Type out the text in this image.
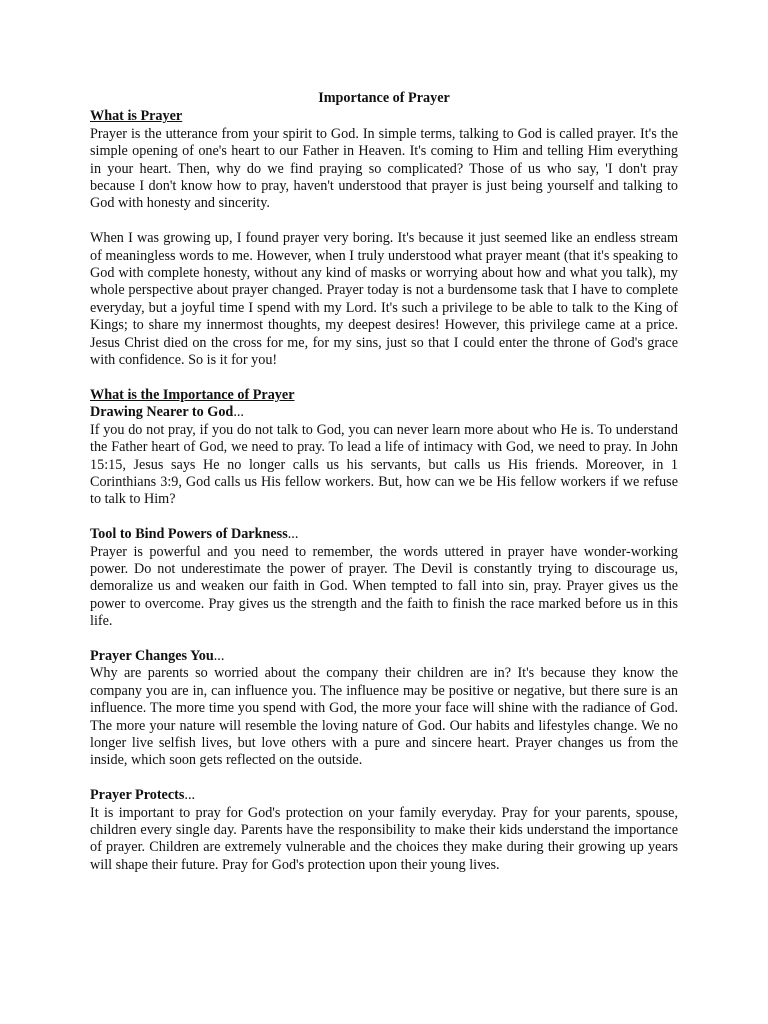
Importance of Prayer
What is Prayer

Prayer is the utterance from your spirit to God. In simple terms, talking to God is called prayer. It's the simple opening of one's heart to our Father in Heaven. It's coming to Him and telling Him everything in your heart. Then, why do we find praying so complicated? Those of us who say, 'I don't pray because I don't know how to pray, haven't understood that prayer is just being yourself and talking to God with honesty and sincerity.

When I was growing up, I found prayer very boring. It's because it just seemed like an endless stream of meaningless words to me. However, when I truly understood what prayer meant (that it's speaking to God with complete honesty, without any kind of masks or worrying about how and what you talk), my whole perspective about prayer changed. Prayer today is not a burdensome task that I have to complete everyday, but a joyful time I spend with my Lord. It's such a privilege to be able to talk to the King of Kings; to share my innermost thoughts, my deepest desires! However, this privilege came at a price. Jesus Christ died on the cross for me, for my sins, just so that I could enter the throne of God's grace with confidence. So is it for you!

What is the Importance of Prayer
Drawing Nearer to God...

If you do not pray, if you do not talk to God, you can never learn more about who He is. To understand the Father heart of God, we need to pray. To lead a life of intimacy with God, we need to pray. In John 15:15, Jesus says He no longer calls us his servants, but calls us His friends. Moreover, in 1 Corinthians 3:9, God calls us His fellow workers. But, how can we be His fellow workers if we refuse to talk to Him?

Tool to Bind Powers of Darkness...

Prayer is powerful and you need to remember, the words uttered in prayer have wonder-working power. Do not underestimate the power of prayer. The Devil is constantly trying to discourage us, demoralize us and weaken our faith in God. When tempted to fall into sin, pray. Prayer gives us the power to overcome. Pray gives us the strength and the faith to finish the race marked before us in this life.

Prayer Changes You...

Why are parents so worried about the company their children are in? It's because they know the company you are in, can influence you. The influence may be positive or negative, but there sure is an influence. The more time you spend with God, the more your face will shine with the radiance of God. The more your nature will resemble the loving nature of God. Our habits and lifestyles change. We no longer live selfish lives, but love others with a pure and sincere heart. Prayer changes us from the inside, which soon gets reflected on the outside.

Prayer Protects...

It is important to pray for God's protection on your family everyday. Pray for your parents, spouse, children every single day. Parents have the responsibility to make their kids understand the importance of prayer. Children are extremely vulnerable and the choices they make during their growing up years will shape their future. Pray for God's protection upon their young lives.
